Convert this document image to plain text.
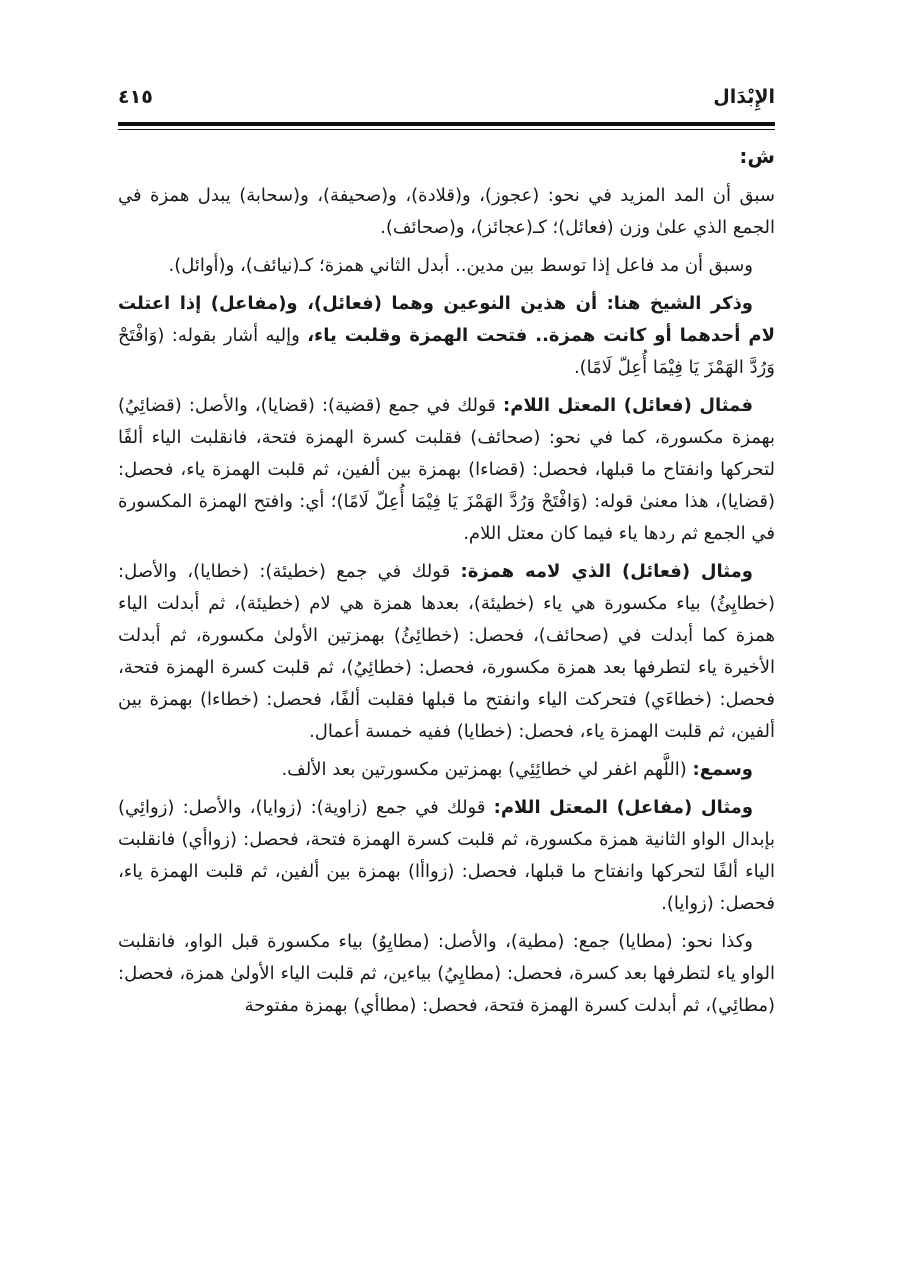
الإِبْدَال
٤١٥

ش:

سبق أن المد المزيد في نحو: (عجوز)، و(قلادة)، و(صحيفة)، و(سحابة) يبدل همزة في الجمع الذي علىٰ وزن (فعائل)؛ كـ(عجائز)، و(صحائف).

وسبق أن مد فاعل إذا توسط بين مدين.. أبدل الثاني همزة؛ كـ(نيائف)، و(أوائل).

وذكر الشيخ هنا: أن هذين النوعين وهما (فعائل)، و(مفاعل) إذا اعتلت لام أحدهما أو كانت همزة.. فتحت الهمزة وقلبت ياء، وإليه أشار بقوله: (وَافْتَحْ وَرُدَّ الهَمْزَ يَا فِيْمَا أُعِلّ لَامًا).

فمثال (فعائل) المعتل اللام: قولك في جمع (قضية): (قضايا)، والأصل: (قضائِيُ) بهمزة مكسورة، كما في نحو: (صحائف) فقلبت كسرة الهمزة فتحة، فانقلبت الياء ألفًا لتحركها وانفتاح ما قبلها، فحصل: (قضاءا) بهمزة بين ألفين، ثم قلبت الهمزة ياء، فحصل: (قضايا)، هذا معنىٰ قوله: (وَافْتَحْ وَرُدَّ الهَمْزَ يَا فِيْمَا أُعِلّ لَامًا)؛ أي: وافتح الهمزة المكسورة في الجمع ثم ردها ياء فيما كان معتل اللام.

ومثال (فعائل) الذي لامه همزة: قولك في جمع (خطيئة): (خطايا)، والأصل: (خطايِئُ) بياء مكسورة هي ياء (خطيئة)، بعدها همزة هي لام (خطيئة)، ثم أبدلت الياء همزة كما أبدلت في (صحائف)، فحصل: (خطائِئُ) بهمزتين الأولىٰ مكسورة، ثم أبدلت الأخيرة ياء لتطرفها بعد همزة مكسورة، فحصل: (خطائِيُ)، ثم قلبت كسرة الهمزة فتحة، فحصل: (خطاءَي) فتحركت الياء وانفتح ما قبلها فقلبت ألفًا، فحصل: (خطاءا) بهمزة بين ألفين، ثم قلبت الهمزة ياء، فحصل: (خطايا) ففيه خمسة أعمال.

وسمع: (اللَّهم اغفر لي خطائِئِي) بهمزتين مكسورتين بعد الألف.

ومثال (مفاعل) المعتل اللام: قولك في جمع (زاوية): (زوايا)، والأصل: (زوائِي) بإبدال الواو الثانية همزة مكسورة، ثم قلبت كسرة الهمزة فتحة، فحصل: (زواأي) فانقلبت الياء ألفًا لتحركها وانفتاح ما قبلها، فحصل: (زواأا) بهمزة بين ألفين، ثم قلبت الهمزة ياء، فحصل: (زوايا).

وكذا نحو: (مطايا) جمع: (مطية)، والأصل: (مطايِوُ) بياء مكسورة قبل الواو، فانقلبت الواو ياء لتطرفها بعد كسرة، فحصل: (مطايِيُ) بياءين، ثم قلبت الياء الأولىٰ همزة، فحصل: (مطائِي)، ثم أبدلت كسرة الهمزة فتحة، فحصل: (مطاأي) بهمزة مفتوحة
